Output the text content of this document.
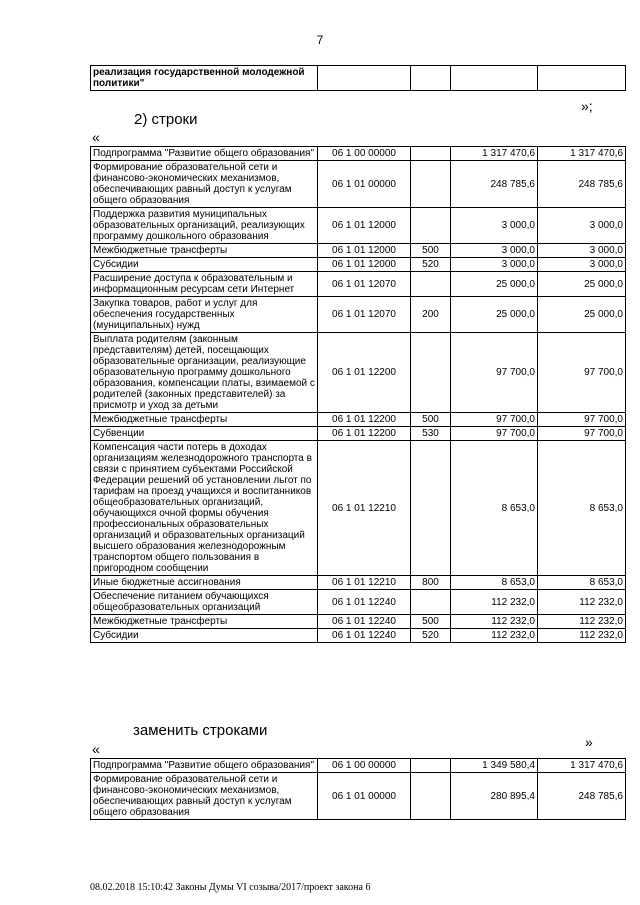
7
реализация государственной молодежной политики"				
»;
2) строки
«
Подпрограмма "Развитие общего образования"	06 1 00 00000		1 317 470,6	1 317 470,6
Формирование образовательной сети и финансово-экономических механизмов, обеспечивающих равный доступ к услугам общего образования	06 1 01 00000		248 785,6	248 785,6
Поддержка развития муниципальных образовательных организаций, реализующих программу дошкольного образования	06 1 01 12000		3 000,0	3 000,0
Межбюджетные трансферты	06 1 01 12000	500	3 000,0	3 000,0
Субсидии	06 1 01 12000	520	3 000,0	3 000,0
Расширение доступа к образовательным и информационным ресурсам сети Интернет	06 1 01 12070		25 000,0	25 000,0
Закупка товаров, работ и услуг для обеспечения государственных (муниципальных) нужд	06 1 01 12070	200	25 000,0	25 000,0
Выплата родителям (законным представителям) детей, посещающих образовательные организации, реализующие образовательную программу дошкольного образования, компенсации платы, взимаемой с родителей (законных представителей) за присмотр и уход за детьми	06 1 01 12200		97 700,0	97 700,0
Межбюджетные трансферты	06 1 01 12200	500	97 700,0	97 700,0
Субвенции	06 1 01 12200	530	97 700,0	97 700,0
Компенсация части потерь в доходах организациям железнодорожного транспорта в связи с принятием субъектами Российской Федерации решений об установлении льгот по тарифам на проезд учащихся и воспитанников общеобразовательных организаций, обучающихся очной формы обучения профессиональных образовательных организаций и образовательных организаций высшего образования железнодорожным транспортом общего пользования в пригородном сообщении	06 1 01 12210		8 653,0	8 653,0
Иные бюджетные ассигнования	06 1 01 12210	800	8 653,0	8 653,0
Обеспечение питанием обучающихся общеобразовательных организаций	06 1 01 12240		112 232,0	112 232,0
Межбюджетные трансферты	06 1 01 12240	500	112 232,0	112 232,0
Субсидии	06 1 01 12240	520	112 232,0	112 232,0
»
заменить строками
«
Подпрограмма "Развитие общего образования"	06 1 00 00000		1 349 580,4	1 317 470,6
Формирование образовательной сети и финансово-экономических механизмов, обеспечивающих равный доступ к услугам общего образования	06 1 01 00000		280 895,4	248 785,6
08.02.2018 15:10:42 Законы Думы VI созыва/2017/проект закона 6
